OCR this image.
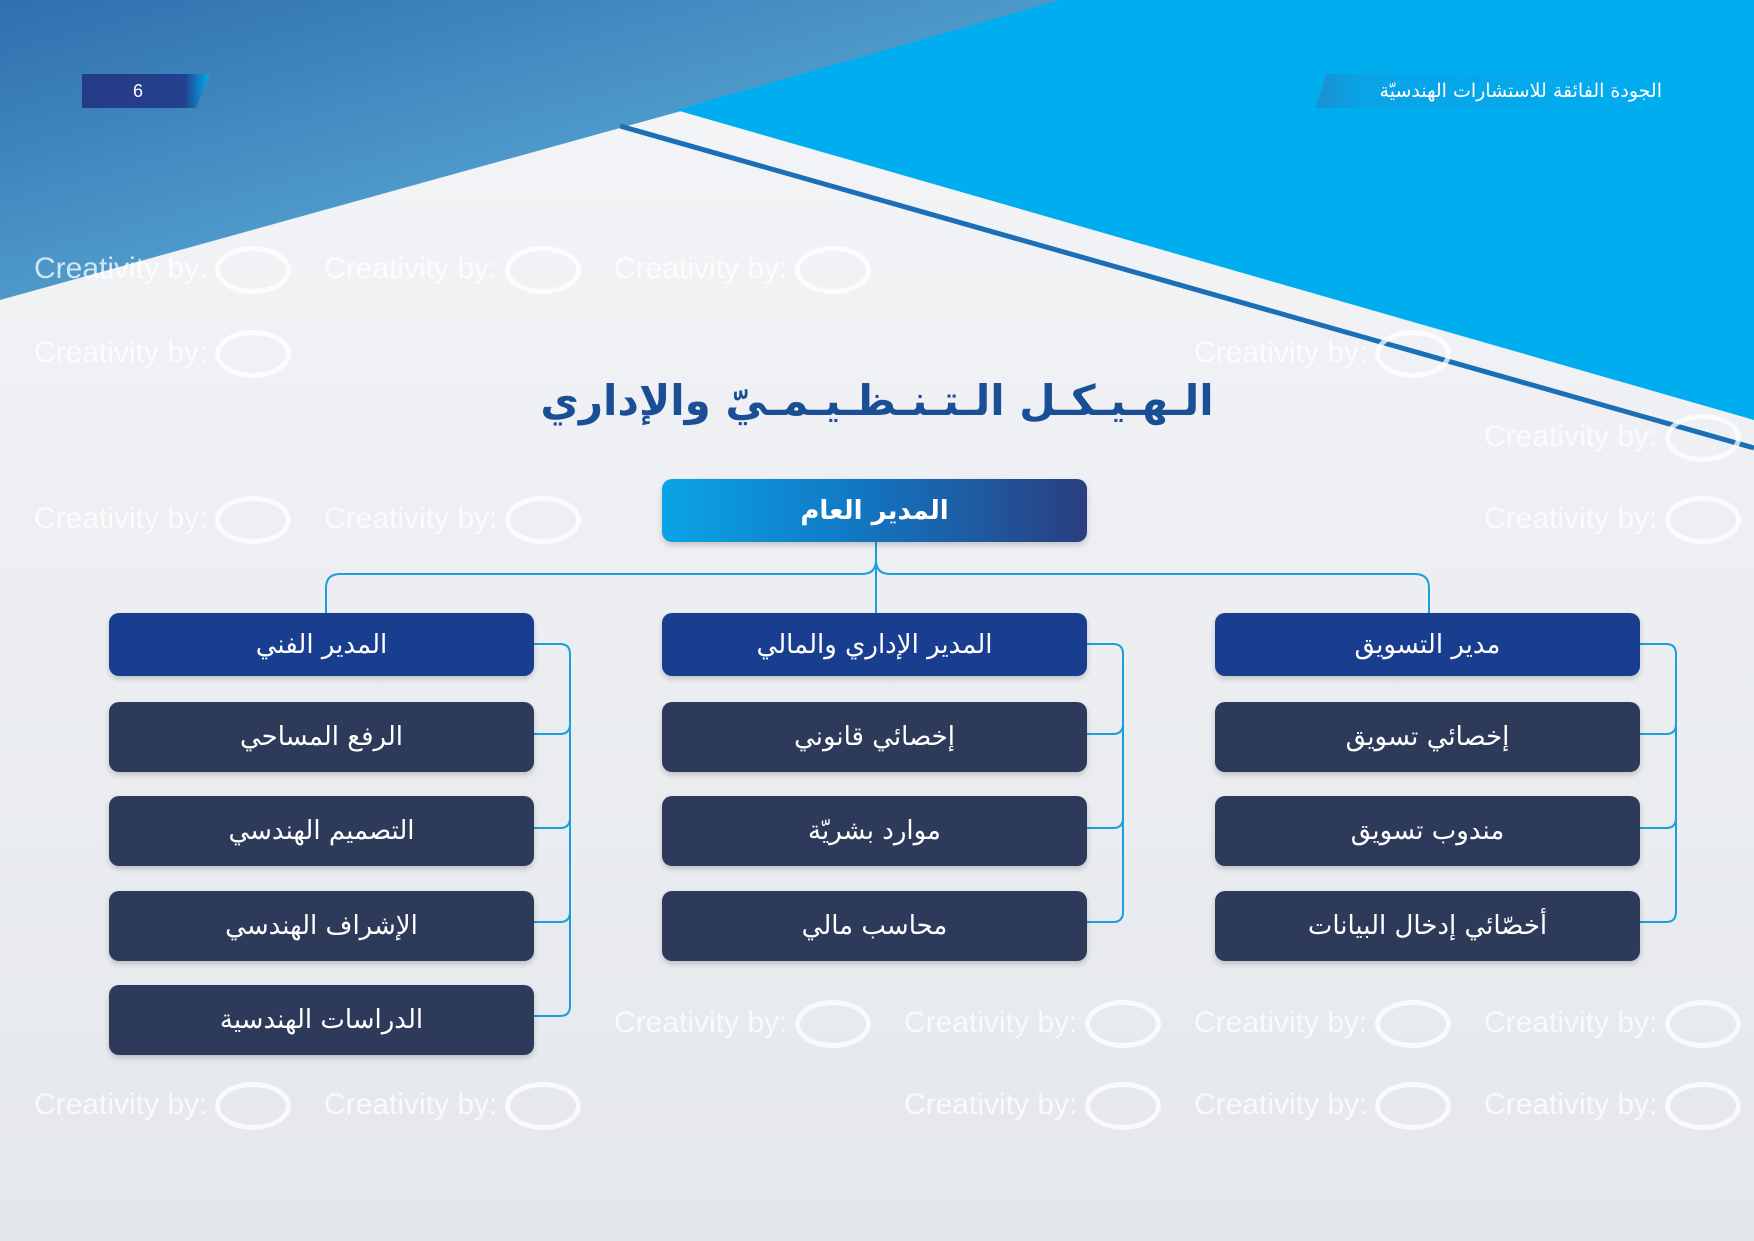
Creativity by:	Creativity by:	Creativity by:
Creativity by:	Creativity by:
Creativity by:
Creativity by:	Creativity by:	Creativity by:
Creativity by:	Creativity by:	Creativity by:	Creativity by:
Creativity by:	Creativity by:	Creativity by:	Creativity by:	Creativity by:
6	الجودة الفائقة للاستشارات الهندسيّة
الـهـيـكـل الـتـنـظـيـمـيّ والإداري
المدير العام
مدير التسويق
إخصائي تسويق
مندوب تسويق
أخصّائي إدخال البيانات
المدير الإداري والمالي
إخصائي قانوني
موارد بشريّة
محاسب مالي
المدير الفني
الرفع المساحي
التصميم الهندسي
الإشراف الهندسي
الدراسات الهندسية
